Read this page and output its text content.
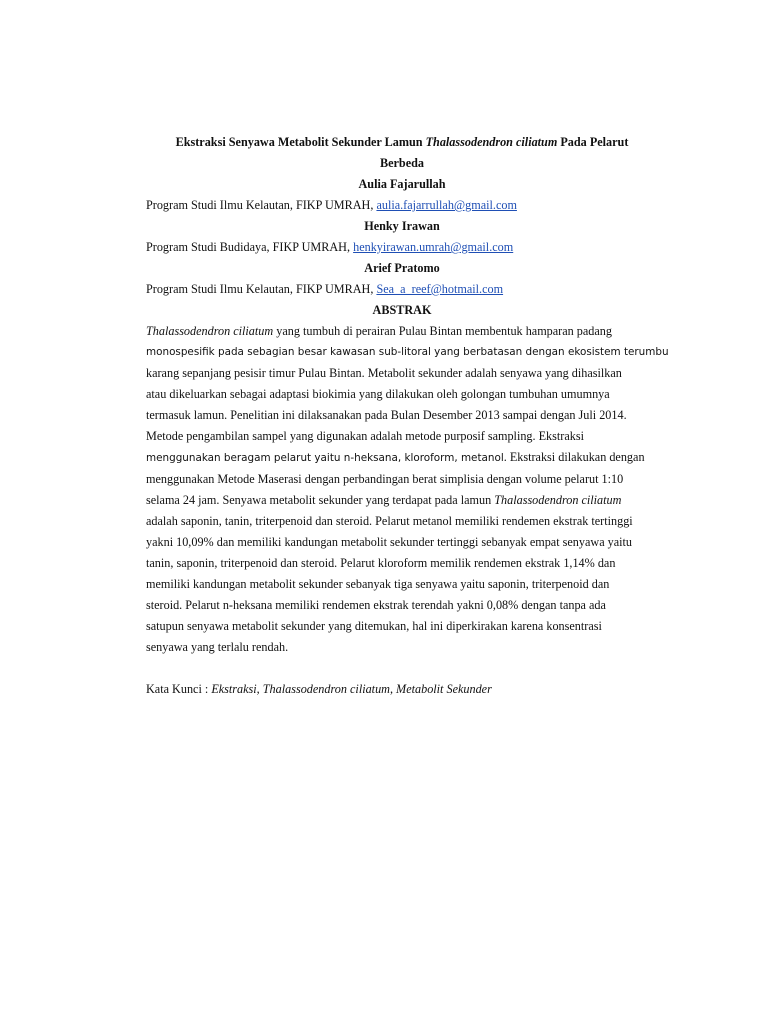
Ekstraksi Senyawa Metabolit Sekunder Lamun Thalassodendron ciliatum Pada Pelarut
Berbeda
Aulia Fajarullah
Program Studi Ilmu Kelautan, FIKP UMRAH, aulia.fajarrullah@gmail.com
Henky Irawan
Program Studi Budidaya, FIKP UMRAH, henkyirawan.umrah@gmail.com
Arief Pratomo
Program Studi Ilmu Kelautan, FIKP UMRAH, Sea_a_reef@hotmail.com
ABSTRAK
Thalassodendron ciliatum yang tumbuh di perairan Pulau Bintan membentuk hamparan padang
monospesifik pada sebagian besar kawasan sub-litoral yang berbatasan dengan ekosistem terumbu
karang sepanjang pesisir timur Pulau Bintan. Metabolit sekunder adalah senyawa yang dihasilkan
atau dikeluarkan sebagai adaptasi biokimia yang dilakukan oleh golongan tumbuhan umumnya
termasuk lamun. Penelitian ini dilaksanakan pada Bulan Desember 2013 sampai dengan Juli 2014.
Metode pengambilan sampel yang digunakan adalah metode purposif sampling. Ekstraksi
menggunakan beragam pelarut yaitu n-heksana, kloroform, metanol. Ekstraksi dilakukan dengan
menggunakan Metode Maserasi dengan perbandingan berat simplisia dengan volume pelarut 1:10
selama 24 jam. Senyawa metabolit sekunder yang terdapat pada lamun Thalassodendron ciliatum
adalah saponin, tanin, triterpenoid dan steroid. Pelarut metanol memiliki rendemen ekstrak tertinggi
yakni 10,09% dan memiliki kandungan metabolit sekunder tertinggi sebanyak empat senyawa yaitu
tanin, saponin, triterpenoid dan steroid. Pelarut kloroform memilik rendemen ekstrak 1,14% dan
memiliki kandungan metabolit sekunder sebanyak tiga senyawa yaitu saponin, triterpenoid dan
steroid. Pelarut n-heksana memiliki rendemen ekstrak terendah yakni 0,08% dengan tanpa ada
satupun senyawa metabolit sekunder yang ditemukan, hal ini diperkirakan karena konsentrasi
senyawa yang terlalu rendah.
Kata Kunci : Ekstraksi, Thalassodendron ciliatum, Metabolit Sekunder
